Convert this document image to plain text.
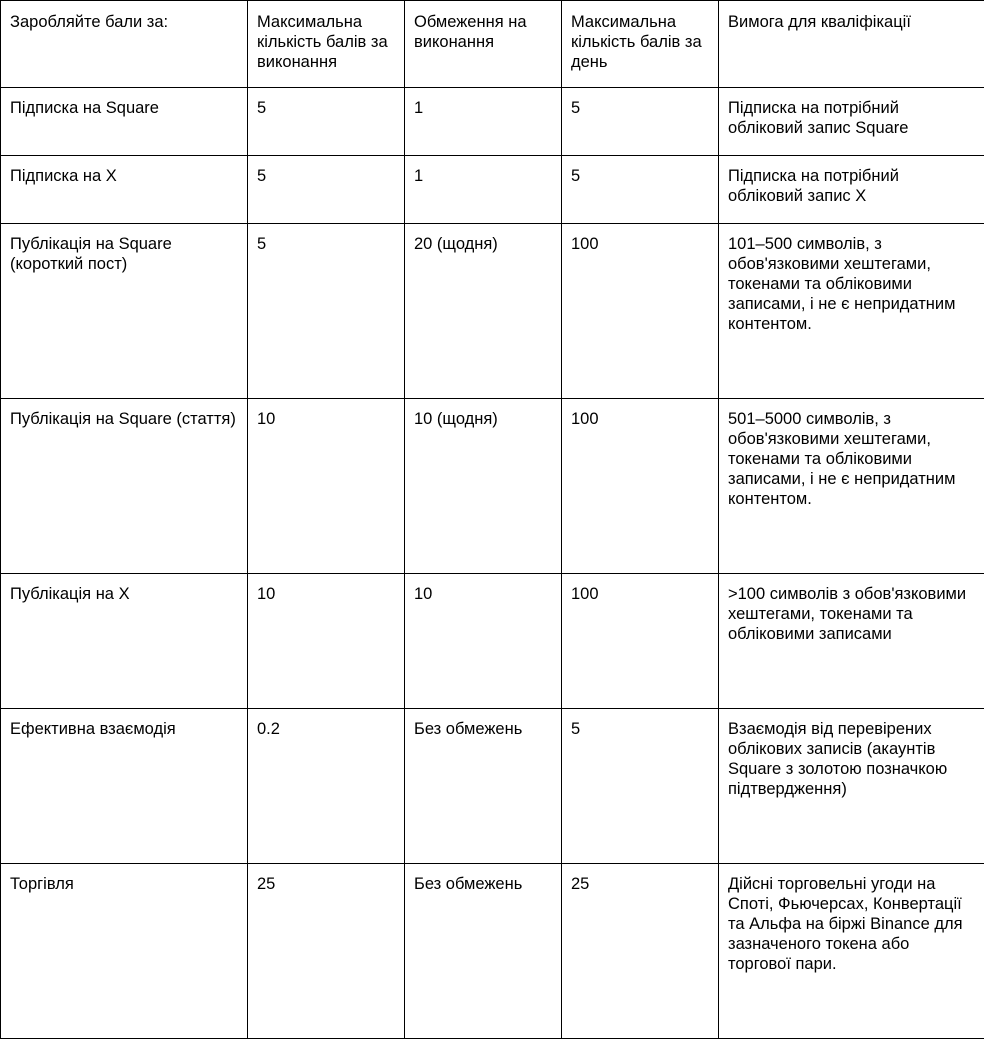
Заробляйте бали за:	Максимальна кількість балів за виконання	Обмеження на виконання	Максимальна кількість балів за день	Вимога для кваліфікації
Підписка на Square	5	1	5	Підписка на потрібний обліковий запис Square
Підписка на X	5	1	5	Підписка на потрібний обліковий запис X
Публікація на Square (короткий пост)	5	20 (щодня)	100	101–500 символів, з обов'язковими хештегами, токенами та обліковими записами, і не є непридатним контентом.
Публікація на Square (стаття)	10	10 (щодня)	100	501–5000 символів, з обов'язковими хештегами, токенами та обліковими записами, і не є непридатним контентом.
Публікація на X	10	10	100	>100 символів з обов'язковими хештегами, токенами та обліковими записами
Ефективна взаємодія	0.2	Без обмежень	5	Взаємодія від перевірених облікових записів (акаунтів Square з золотою позначкою підтвердження)
Торгівля	25	Без обмежень	25	Дійсні торговельні угоди на Споті, Фьючерсах, Конвертації та Альфа на біржі Binance для зазначеного токена або торгової пари.
